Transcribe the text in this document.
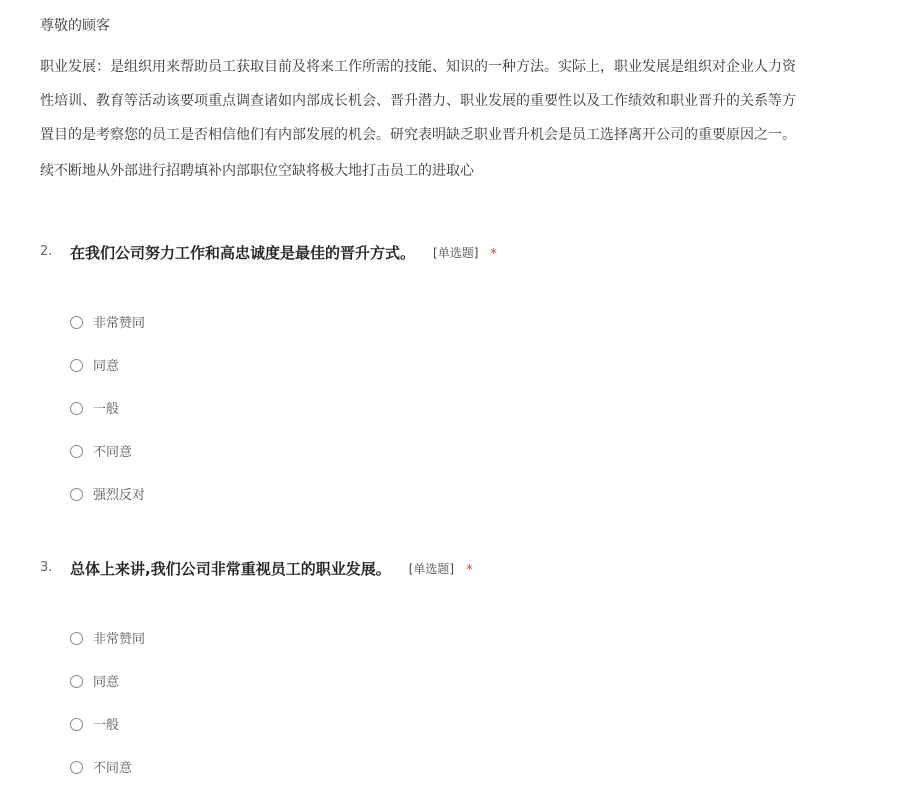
尊敬的顾客
职业发展：是组织用来帮助员工获取目前及将来工作所需的技能、知识的一种方法。实际上，职业发展是组织对企业人力资
性培训、教育等活动该要项重点调查诸如内部成长机会、晋升潜力、职业发展的重要性以及工作绩效和职业晋升的关系等方
置目的是考察您的员工是否相信他们有内部发展的机会。研究表明缺乏职业晋升机会是员工选择离开公司的重要原因之一。
续不断地从外部进行招聘填补内部职位空缺将极大地打击员工的进取心
2. 在我们公司努力工作和高忠诚度是最佳的晋升方式。 [单选题] *
非常赞同
同意
一般
不同意
强烈反对
3. 总体上来讲,我们公司非常重视员工的职业发展。 [单选题] *
非常赞同
同意
一般
不同意
